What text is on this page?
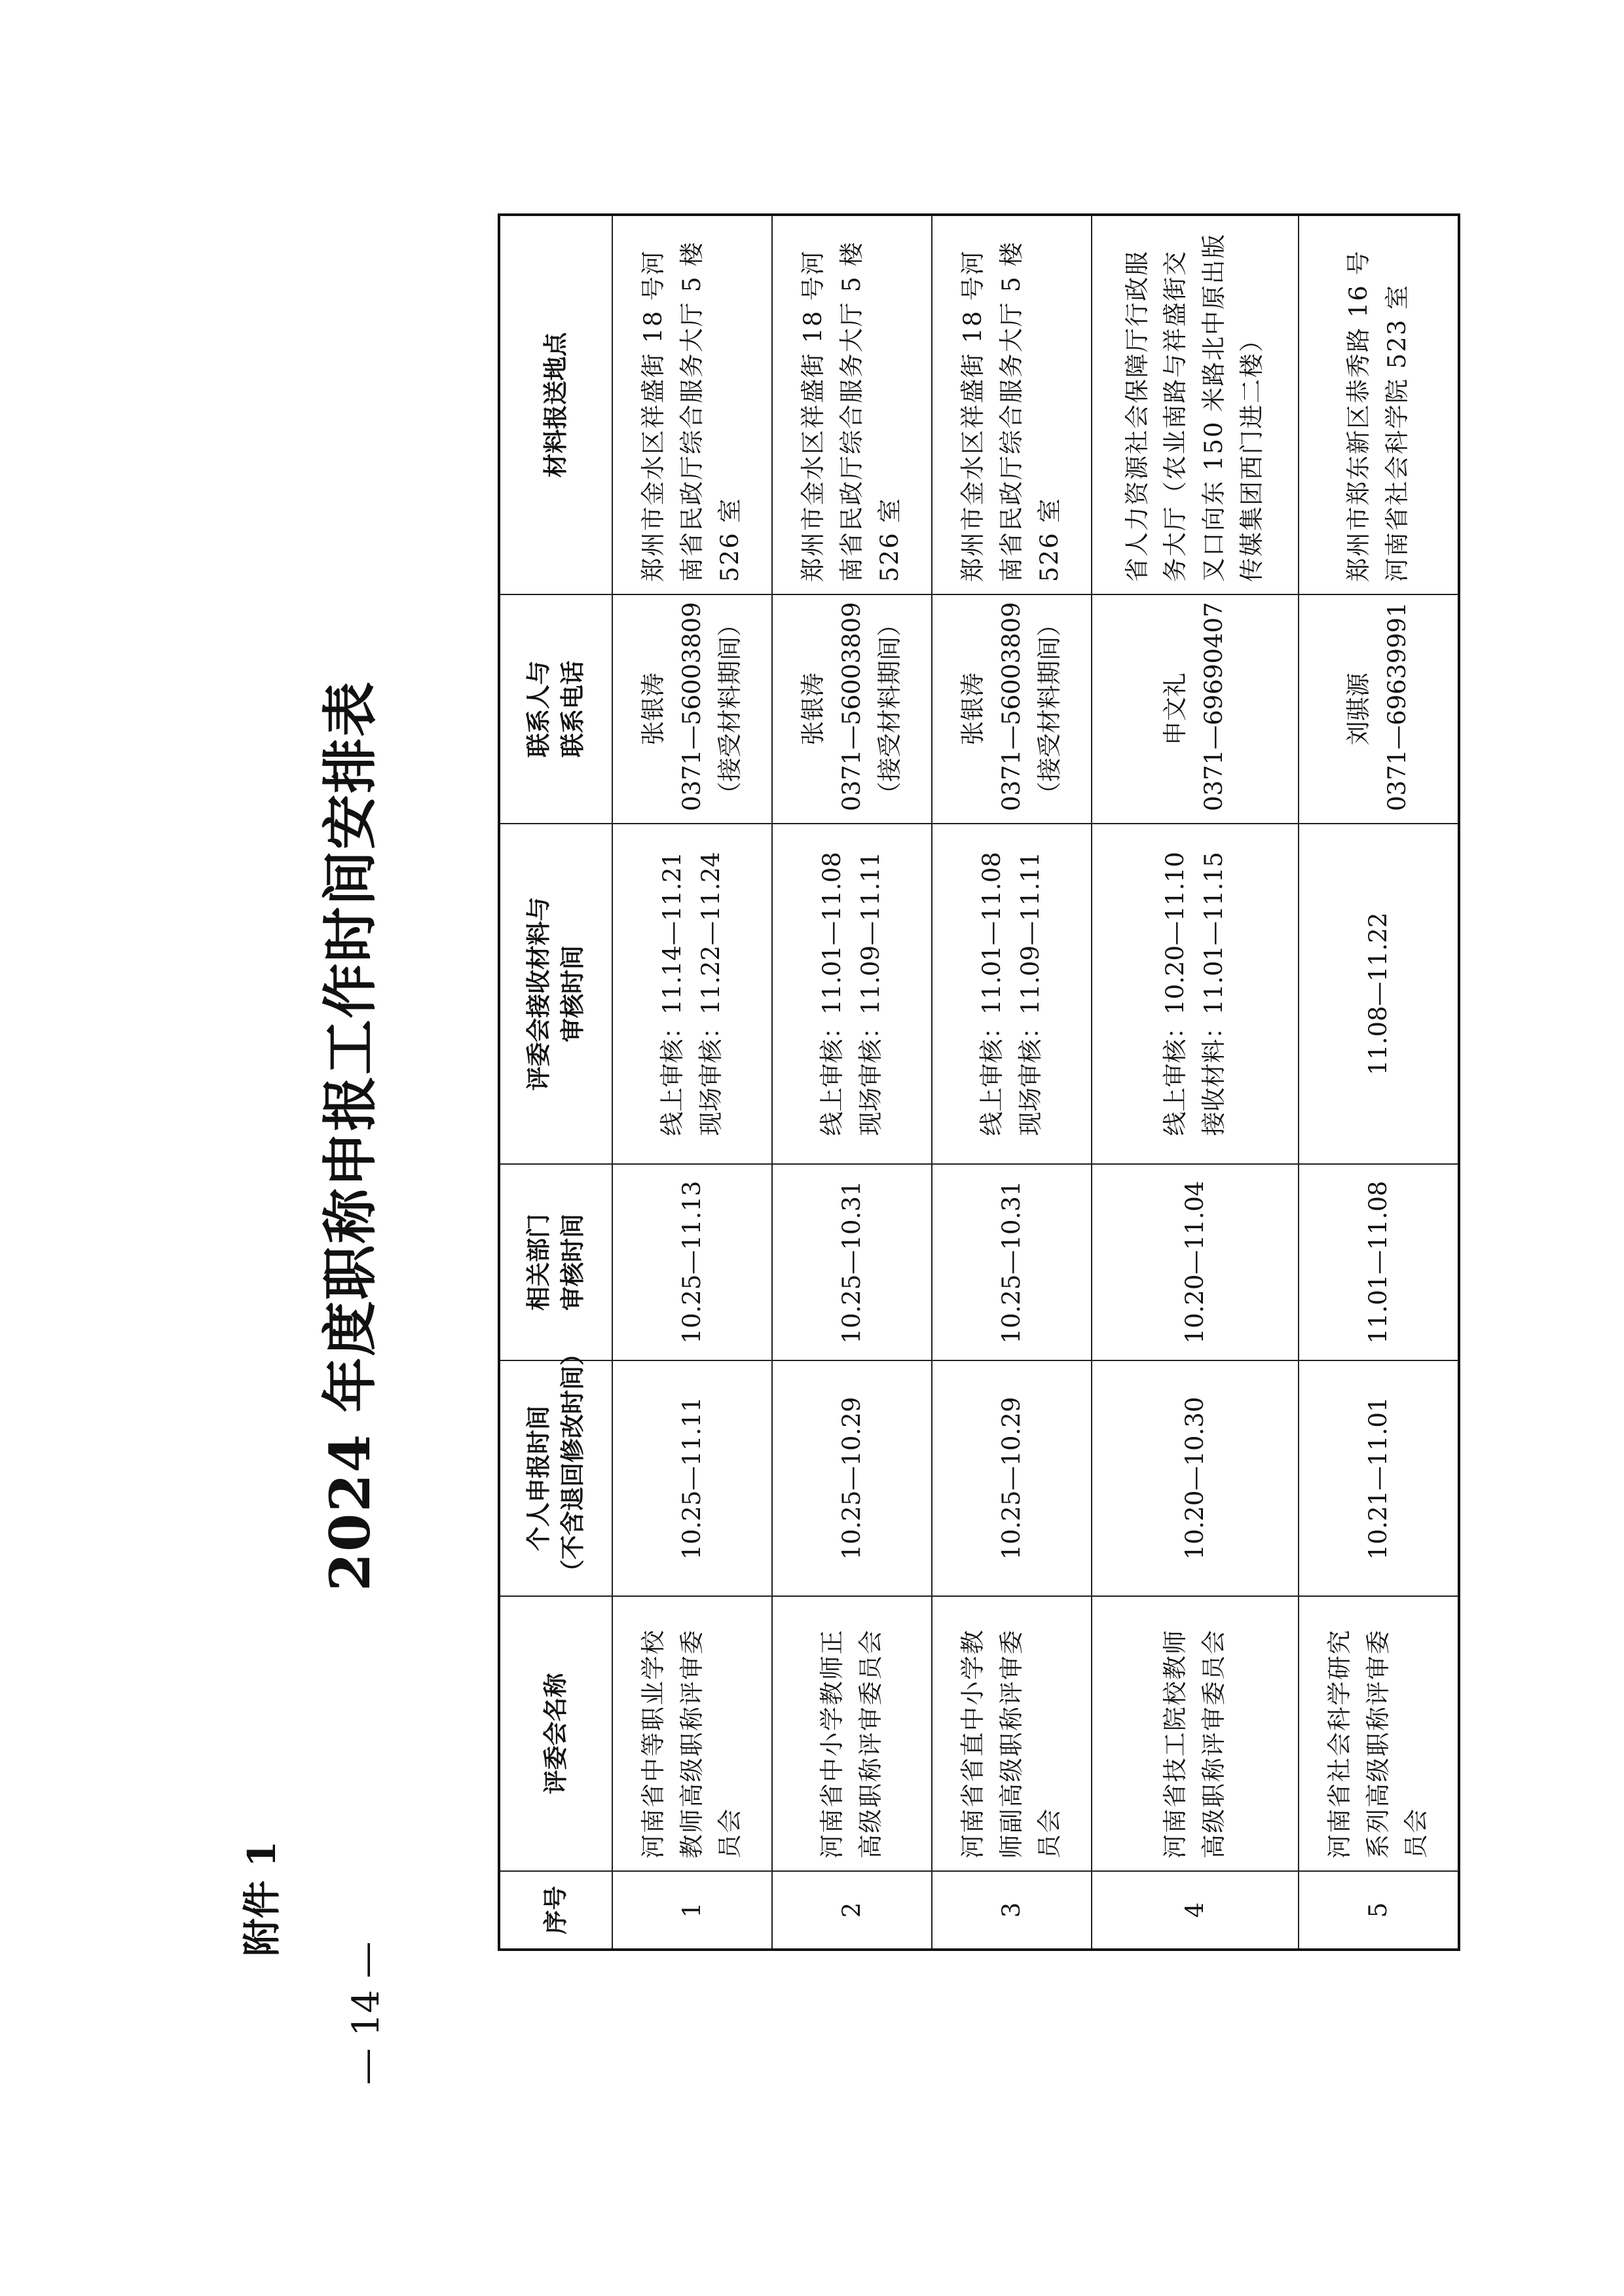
— 14 —
附件 1
2024 年度职称申报工作时间安排表
序号	评委会名称	个人申报时间 （不含退回修改时间）	相关部门 审核时间	评委会接收材料与 审核时间	联系人与 联系电话	材料报送地点
1	河南省中等职业学校教师高级职称评审委员会	10.25—11.11	10.25—11.13	线上审核：11.14—11.21 现场审核：11.22—11.24	张银涛 0371—56003809 （接受材料期间）	郑州市金水区祥盛街 18 号河南省民政厅综合服务大厅 5 楼 526 室
2	河南省中小学教师正高级职称评审委员会	10.25—10.29	10.25—10.31	线上审核：11.01—11.08 现场审核：11.09—11.11	张银涛 0371—56003809 （接受材料期间）	郑州市金水区祥盛街 18 号河南省民政厅综合服务大厅 5 楼 526 室
3	河南省省直中小学教师副高级职称评审委员会	10.25—10.29	10.25—10.31	线上审核：11.01—11.08 现场审核：11.09—11.11	张银涛 0371—56003809 （接受材料期间）	郑州市金水区祥盛街 18 号河南省民政厅综合服务大厅 5 楼 526 室
4	河南省技工院校教师高级职称评审委员会	10.20—10.30	10.20—11.04	线上审核：10.20—11.10 接收材料：11.01—11.15	申文礼 0371—69690407	省人力资源社会保障厅行政服务大厅（农业南路与祥盛街交叉口向东 150 米路北中原出版传媒集团西门进二楼）
5	河南省社会科学研究系列高级职称评审委员会	10.21—11.01	11.01—11.08	11.08—11.22	刘骐源 0371—69639991	郑州市郑东新区恭秀路 16 号河南省社会科学院 523 室
